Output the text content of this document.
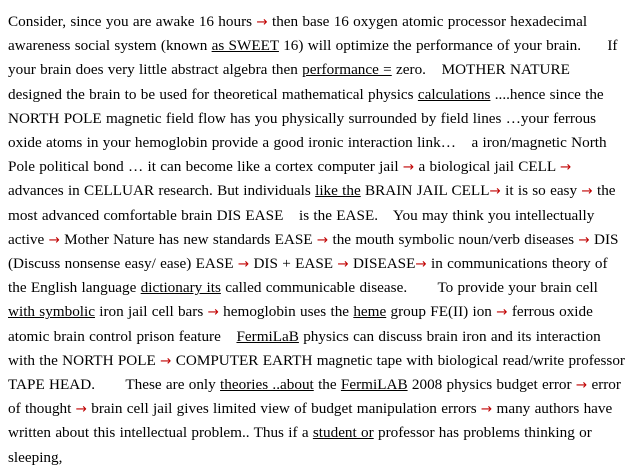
Consider, since you are awake 16 hours → then base 16 oxygen atomic processor hexadecimal awareness social system (known as SWEET 16) will optimize the performance of your brain. If your brain does very little abstract algebra then performance = zero.  MOTHER NATURE designed the brain to be used for theoretical mathematical physics calculations ....hence since the NORTH POLE magnetic field flow has you physically surrounded by field lines …your ferrous oxide atoms in your hemoglobin provide a good ironic interaction link…  a iron/magnetic North Pole political bond … it can become like a cortex computer jail → a biological jail CELL → advances in CELLUAR research. But individuals like the BRAIN JAIL CELL→ it is so easy → the most advanced comfortable brain DIS EASE  is the EASE.  You may think you intellectually active → Mother Nature has new standards EASE → the mouth symbolic noun/verb diseases → DIS (Discuss nonsense easy/ ease) EASE → DIS + EASE → DISEASE→ in communications theory of the English language dictionary its called communicable disease.  To provide your brain cell with symbolic iron jail cell bars → hemoglobin uses the heme group FE(II) ion → ferrous oxide atomic brain control prison feature  FermiLaB physics can discuss brain iron and its interaction with the NORTH POLE → COMPUTER EARTH magnetic tape with biological read/write professor TAPE HEAD.  These are only theories ..about the FermiLAB 2008 physics budget error → error of thought → brain cell jail gives limited view of budget manipulation errors → many authors have written about this intellectual problem.. Thus if a student or professor has problems thinking or sleeping,
